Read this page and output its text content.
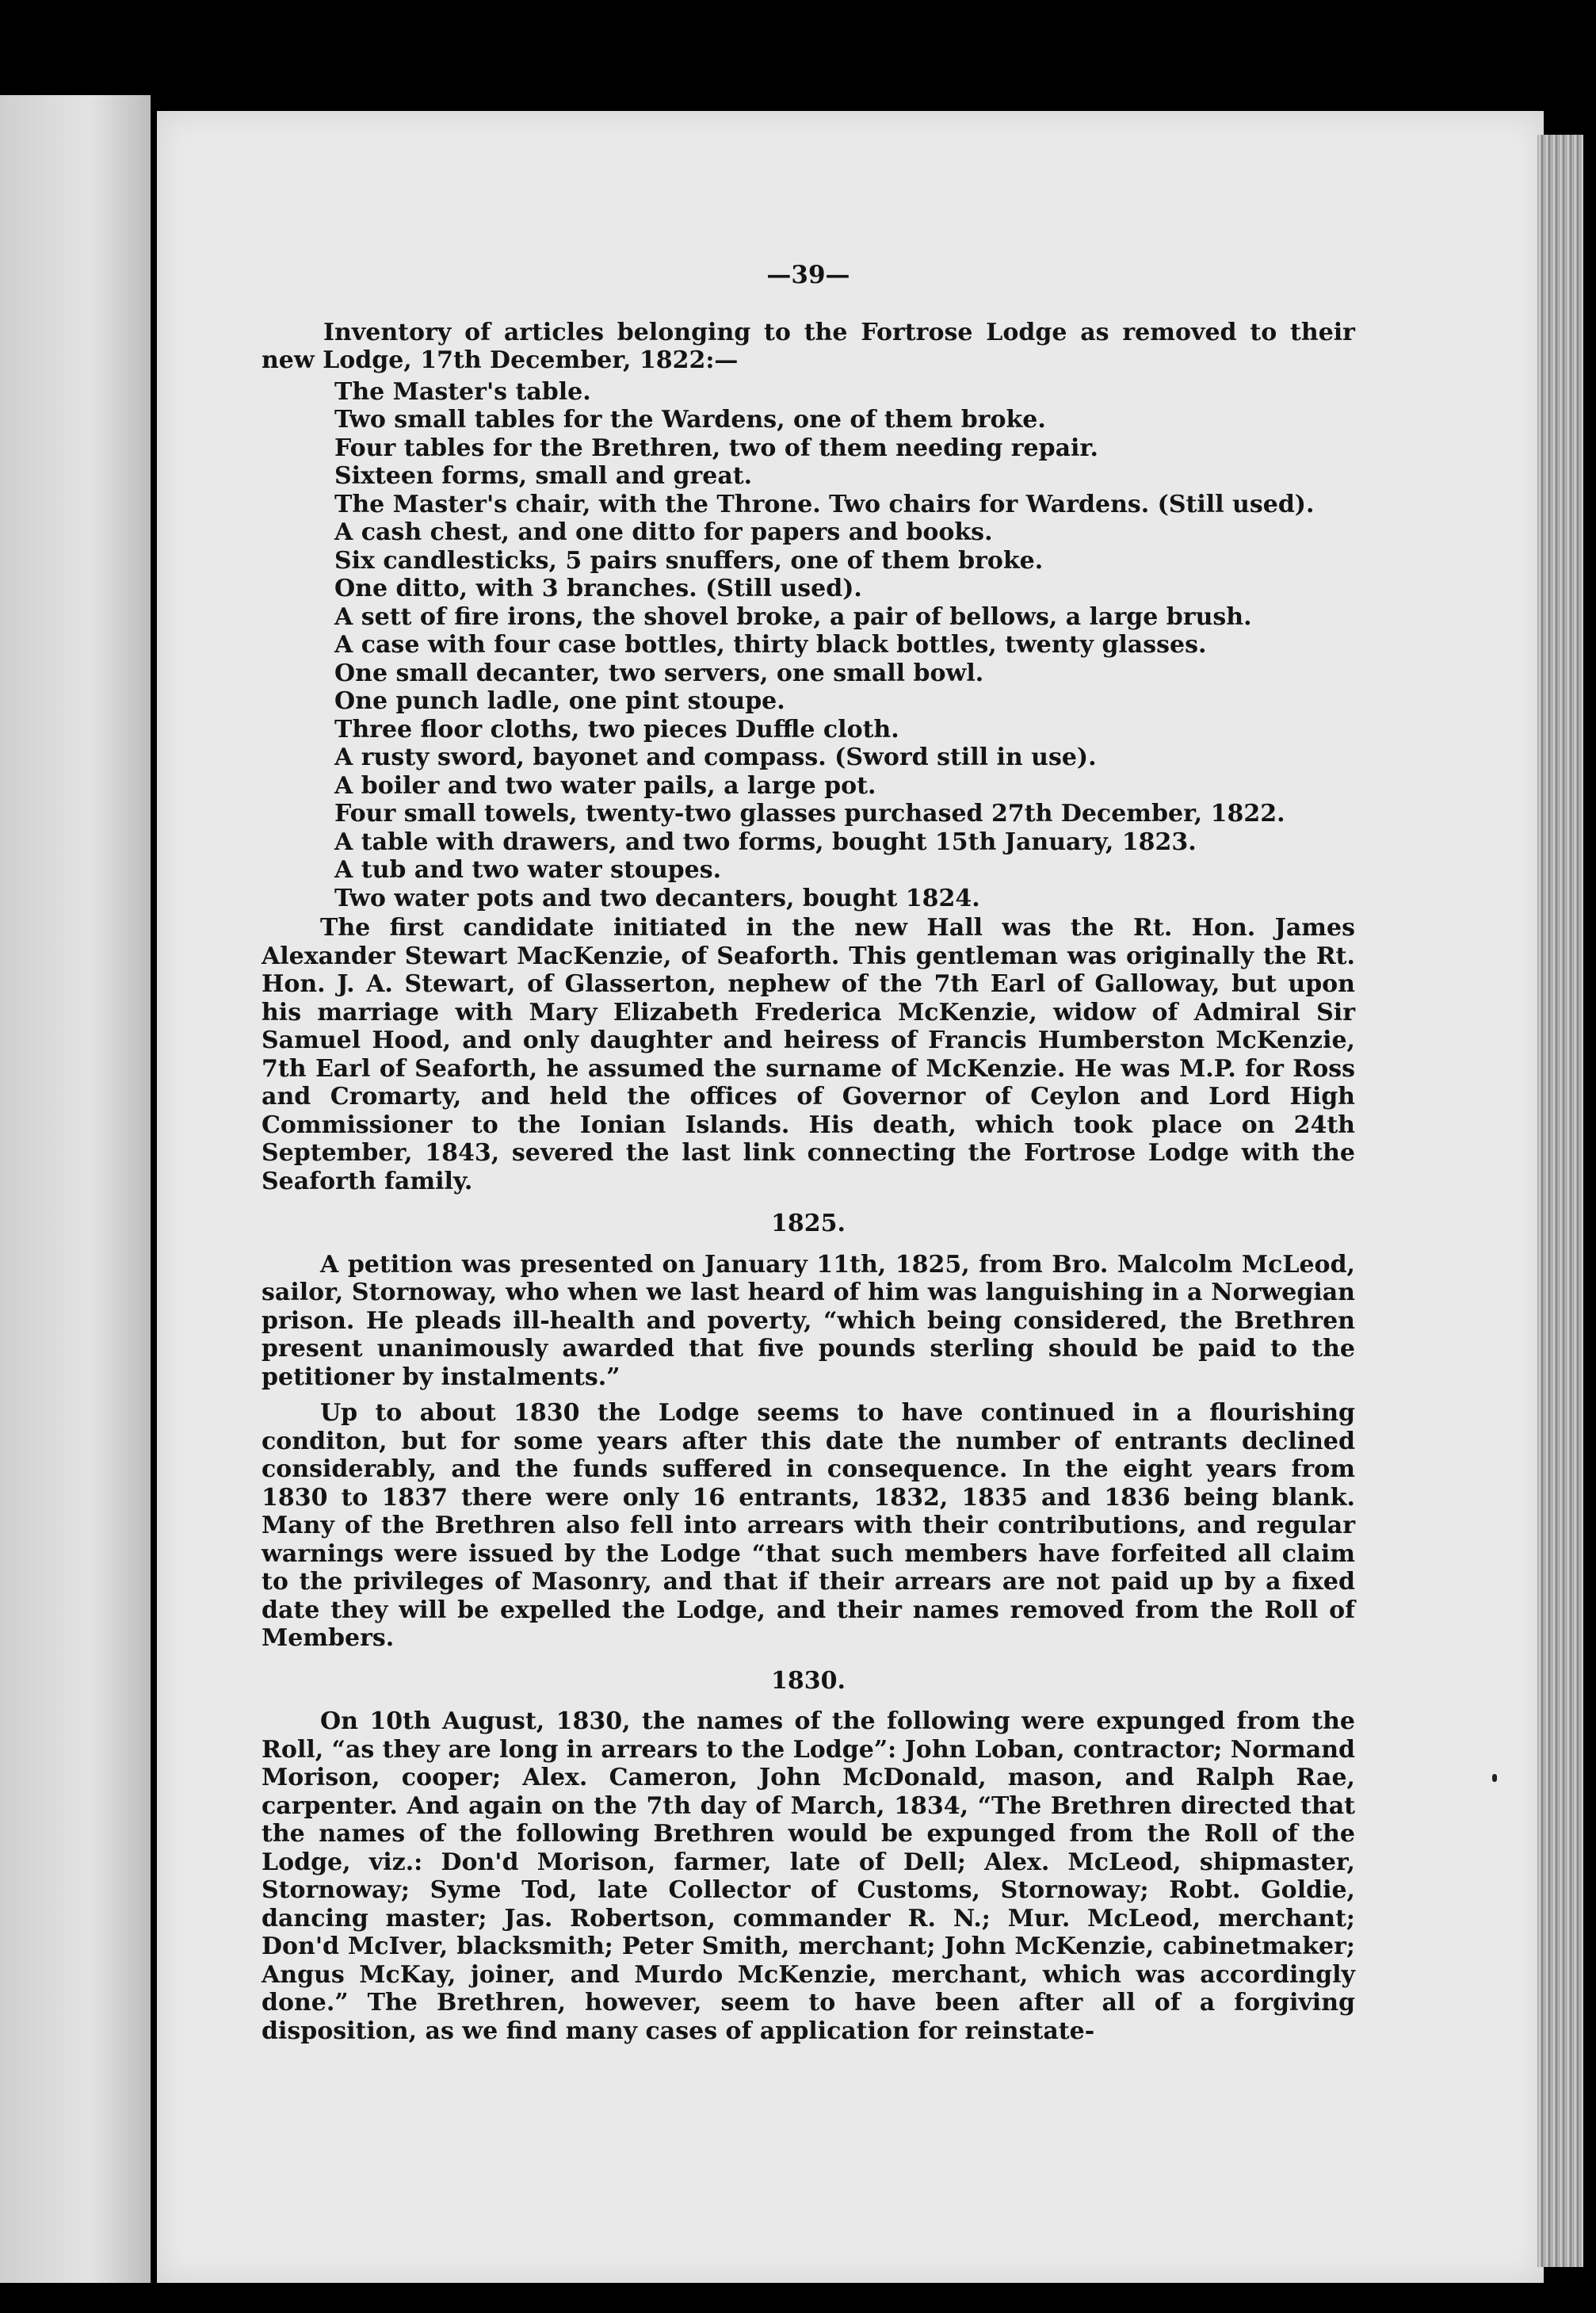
—39—
Inventory of articles belonging to the Fortrose Lodge as removed to their new Lodge, 17th December, 1822:—
The Master's table.
Two small tables for the Wardens, one of them broke.
Four tables for the Brethren, two of them needing repair.
Sixteen forms, small and great.
The Master's chair, with the Throne. Two chairs for Wardens. (Still used).
A cash chest, and one ditto for papers and books.
Six candlesticks, 5 pairs snuffers, one of them broke.
One ditto, with 3 branches. (Still used).
A sett of fire irons, the shovel broke, a pair of bellows, a large brush.
A case with four case bottles, thirty black bottles, twenty glasses.
One small decanter, two servers, one small bowl.
One punch ladle, one pint stoupe.
Three floor cloths, two pieces Duffle cloth.
A rusty sword, bayonet and compass. (Sword still in use).
A boiler and two water pails, a large pot.
Four small towels, twenty-two glasses purchased 27th December, 1822.
A table with drawers, and two forms, bought 15th January, 1823.
A tub and two water stoupes.
Two water pots and two decanters, bought 1824.

The first candidate initiated in the new Hall was the Rt. Hon. James Alexander Stewart MacKenzie, of Seaforth. This gentleman was originally the Rt. Hon. J. A. Stewart, of Glasserton, nephew of the 7th Earl of Galloway, but upon his marriage with Mary Elizabeth Frederica McKenzie, widow of Admiral Sir Samuel Hood, and only daughter and heiress of Francis Humberston McKenzie, 7th Earl of Seaforth, he assumed the surname of McKenzie. He was M.P. for Ross and Cromarty, and held the offices of Governor of Ceylon and Lord High Commissioner to the Ionian Islands. His death, which took place on 24th September, 1843, severed the last link connecting the Fortrose Lodge with the Seaforth family.

1825.

A petition was presented on January 11th, 1825, from Bro. Malcolm McLeod, sailor, Stornoway, who when we last heard of him was languishing in a Norwegian prison. He pleads ill-health and poverty, “which being considered, the Brethren present unanimously awarded that five pounds sterling should be paid to the petitioner by instalments.”

Up to about 1830 the Lodge seems to have continued in a flourishing conditon, but for some years after this date the number of entrants declined considerably, and the funds suffered in consequence. In the eight years from 1830 to 1837 there were only 16 entrants, 1832, 1835 and 1836 being blank. Many of the Brethren also fell into arrears with their contributions, and regular warnings were issued by the Lodge “that such members have forfeited all claim to the privileges of Masonry, and that if their arrears are not paid up by a fixed date they will be expelled the Lodge, and their names removed from the Roll of Members.

1830.

On 10th August, 1830, the names of the following were expunged from the Roll, “as they are long in arrears to the Lodge”: John Loban, contractor; Normand Morison, cooper; Alex. Cameron, John McDonald, mason, and Ralph Rae, carpenter. And again on the 7th day of March, 1834, “The Brethren directed that the names of the following Brethren would be expunged from the Roll of the Lodge, viz.: Don'd Morison, farmer, late of Dell; Alex. McLeod, shipmaster, Stornoway; Syme Tod, late Collector of Customs, Stornoway; Robt. Goldie, dancing master; Jas. Robertson, commander R. N.; Mur. McLeod, merchant; Don'd McIver, blacksmith; Peter Smith, merchant; John McKenzie, cabinetmaker; Angus McKay, joiner, and Murdo McKenzie, merchant, which was accordingly done.” The Brethren, however, seem to have been after all of a forgiving disposition, as we find many cases of application for reinstate-
